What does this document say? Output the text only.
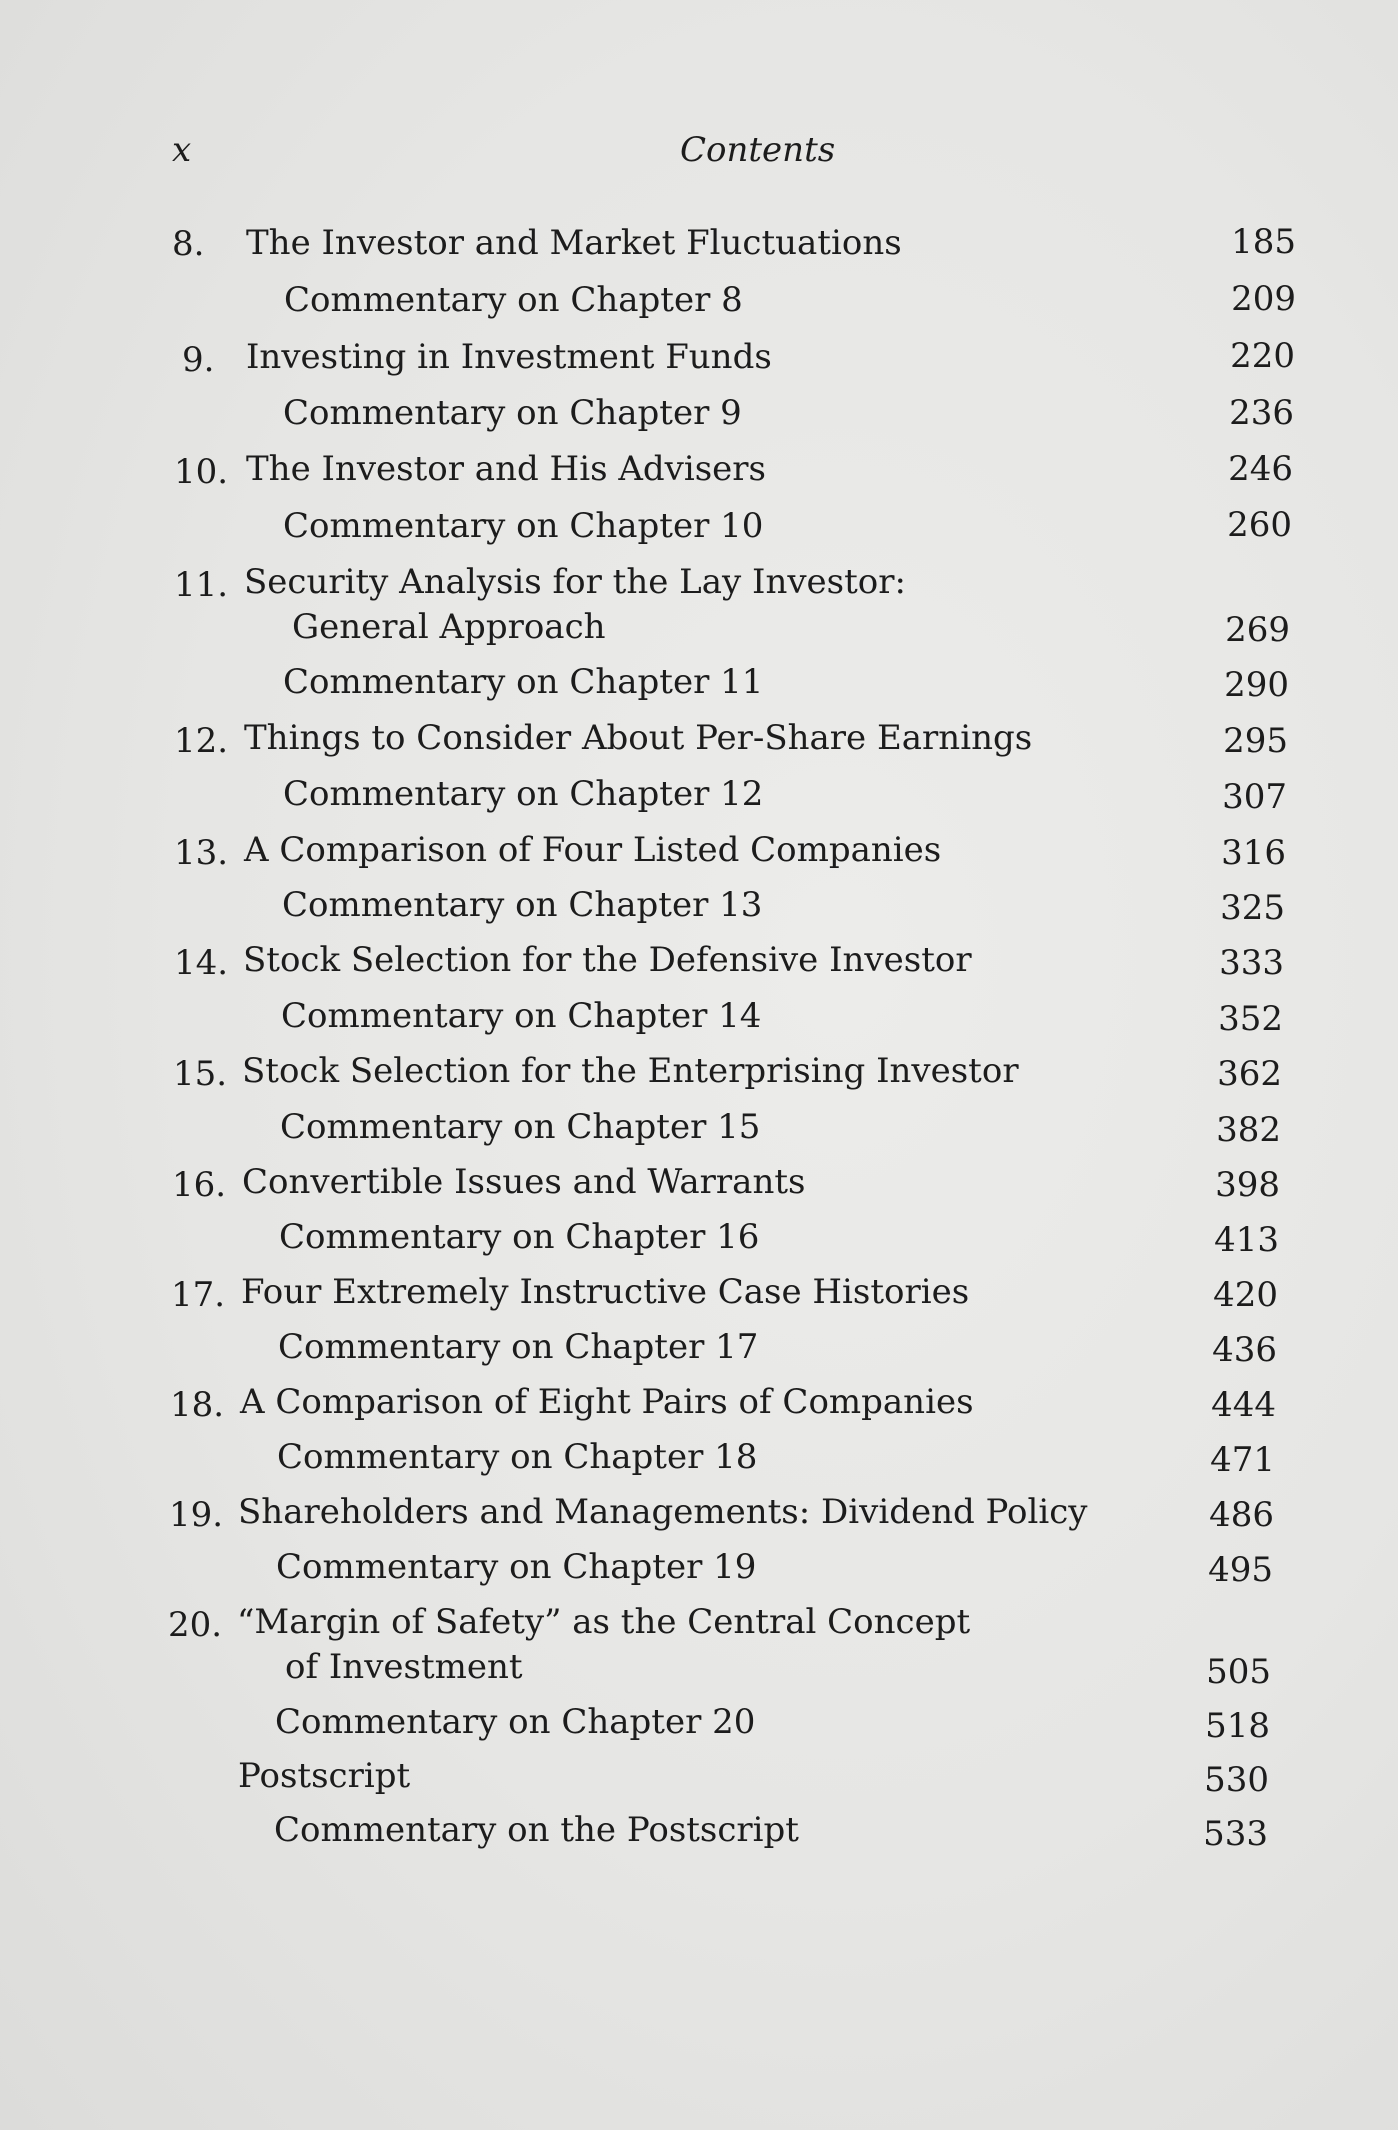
x	Contents
8. The Investor and Market Fluctuations	185
Commentary on Chapter 8	209
9. Investing in Investment Funds	220
Commentary on Chapter 9	236
10. The Investor and His Advisers	246
Commentary on Chapter 10	260
11. Security Analysis for the Lay Investor:
General Approach	269
Commentary on Chapter 11	290
12. Things to Consider About Per-Share Earnings	295
Commentary on Chapter 12	307
13. A Comparison of Four Listed Companies	316
Commentary on Chapter 13	325
14. Stock Selection for the Defensive Investor	333
Commentary on Chapter 14	352
15. Stock Selection for the Enterprising Investor	362
Commentary on Chapter 15	382
16. Convertible Issues and Warrants	398
Commentary on Chapter 16	413
17. Four Extremely Instructive Case Histories	420
Commentary on Chapter 17	436
18. A Comparison of Eight Pairs of Companies	444
Commentary on Chapter 18	471
19. Shareholders and Managements: Dividend Policy	486
Commentary on Chapter 19	495
20. “Margin of Safety” as the Central Concept
of Investment	505
Commentary on Chapter 20	518
Postscript	530
Commentary on the Postscript	533
